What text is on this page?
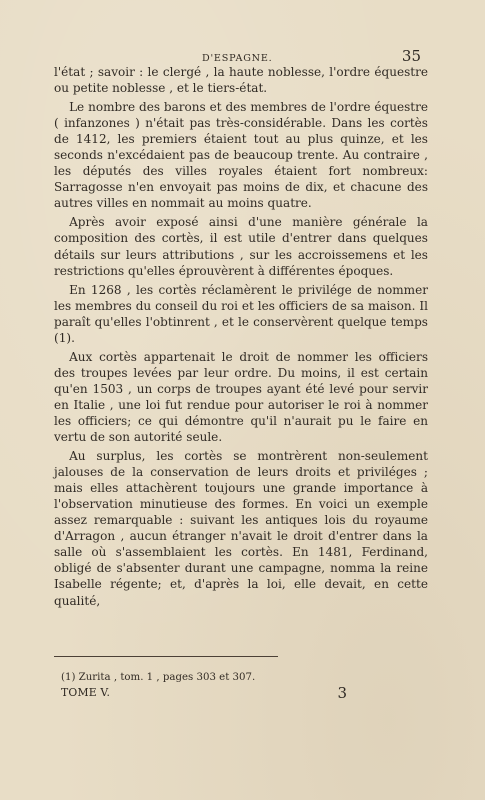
D'ESPAGNE.	35

l'état ; savoir : le clergé , la haute noblesse, l'ordre équestre ou petite noblesse , et le tiers-état.

Le nombre des barons et des membres de l'ordre équestre ( infanzones ) n'était pas très-considérable. Dans les cortès de 1412, les premiers étaient tout au plus quinze, et les seconds n'excédaient pas de beaucoup trente. Au contraire , les députés des villes royales étaient fort nombreux: Sarragosse n'en envoyait pas moins de dix, et chacune des autres villes en nommait au moins quatre.

Après avoir exposé ainsi d'une manière générale la composition des cortès, il est utile d'entrer dans quelques détails sur leurs attributions , sur les accroissemens et les restrictions qu'elles éprouvèrent à différentes époques.

En 1268 , les cortès réclamèrent le privilége de nommer les membres du conseil du roi et les officiers de sa maison. Il paraît qu'elles l'obtinrent , et le conservèrent quelque temps (1).

Aux cortès appartenait le droit de nommer les officiers des troupes levées par leur ordre. Du moins, il est certain qu'en 1503 , un corps de troupes ayant été levé pour servir en Italie , une loi fut rendue pour autoriser le roi à nommer les officiers; ce qui démontre qu'il n'aurait pu le faire en vertu de son autorité seule.

Au surplus, les cortès se montrèrent non-seulement jalouses de la conservation de leurs droits et priviléges ; mais elles attachèrent toujours une grande importance à l'observation minutieuse des formes. En voici un exemple assez remarquable : suivant les antiques lois du royaume d'Arragon , aucun étranger n'avait le droit d'entrer dans la salle où s'assemblaient les cortès. En 1481, Ferdinand, obligé de s'absenter durant une campagne, nomma la reine Isabelle régente; et, d'après la loi, elle devait, en cette qualité,

(1) Zurita , tom. 1 , pages 303 et 307.
TOME V.	3
